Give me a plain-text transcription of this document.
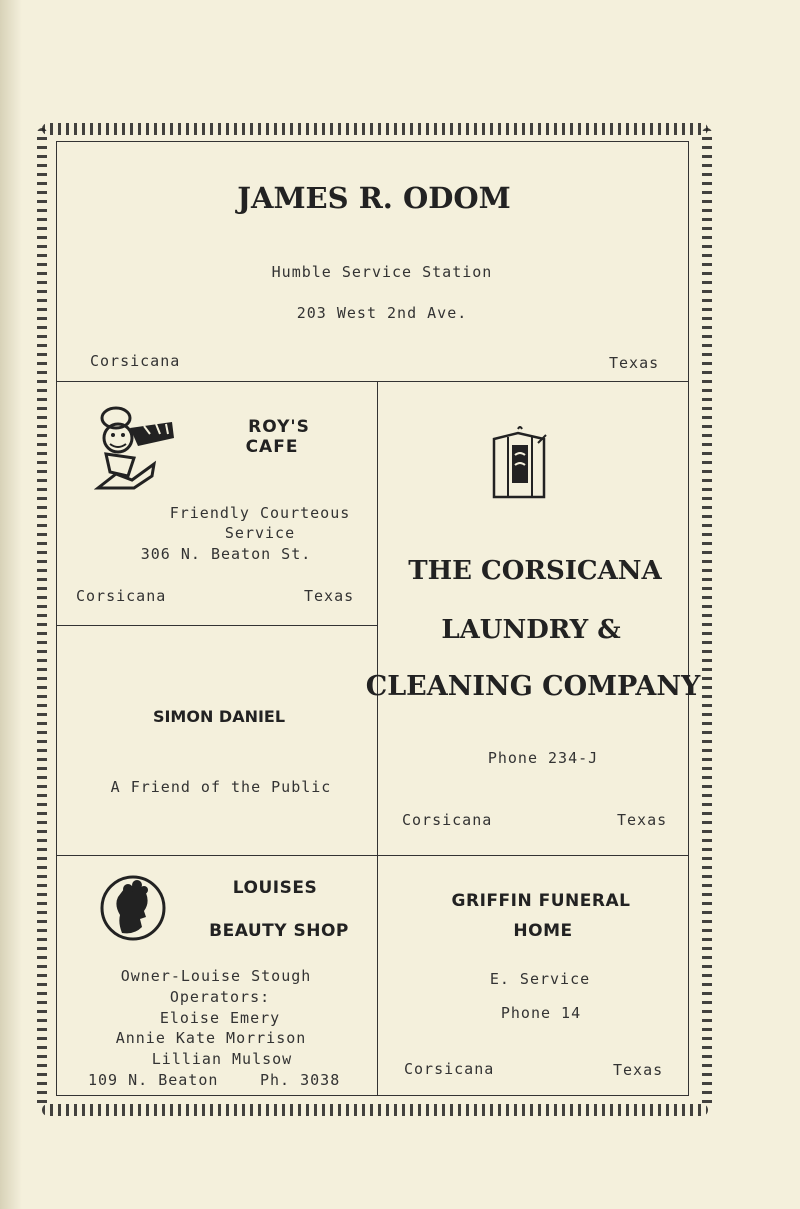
JAMES R. ODOM
Humble Service Station
203 West 2nd Ave.
Corsicana	Texas
ROY'S
CAFE
Friendly Courteous
Service
306 N. Beaton St.
Corsicana	Texas
SIMON DANIEL
A Friend of the Public
THE CORSICANA
LAUNDRY &
CLEANING COMPANY
Phone 234-J
Corsicana	Texas
LOUISES
BEAUTY SHOP
Owner-Louise Stough
Operators:
Eloise Emery
Annie Kate Morrison
Lillian Mulsow
109 N. Beaton	Ph. 3038
GRIFFIN FUNERAL
HOME
E. Service
Phone 14
Corsicana	Texas
